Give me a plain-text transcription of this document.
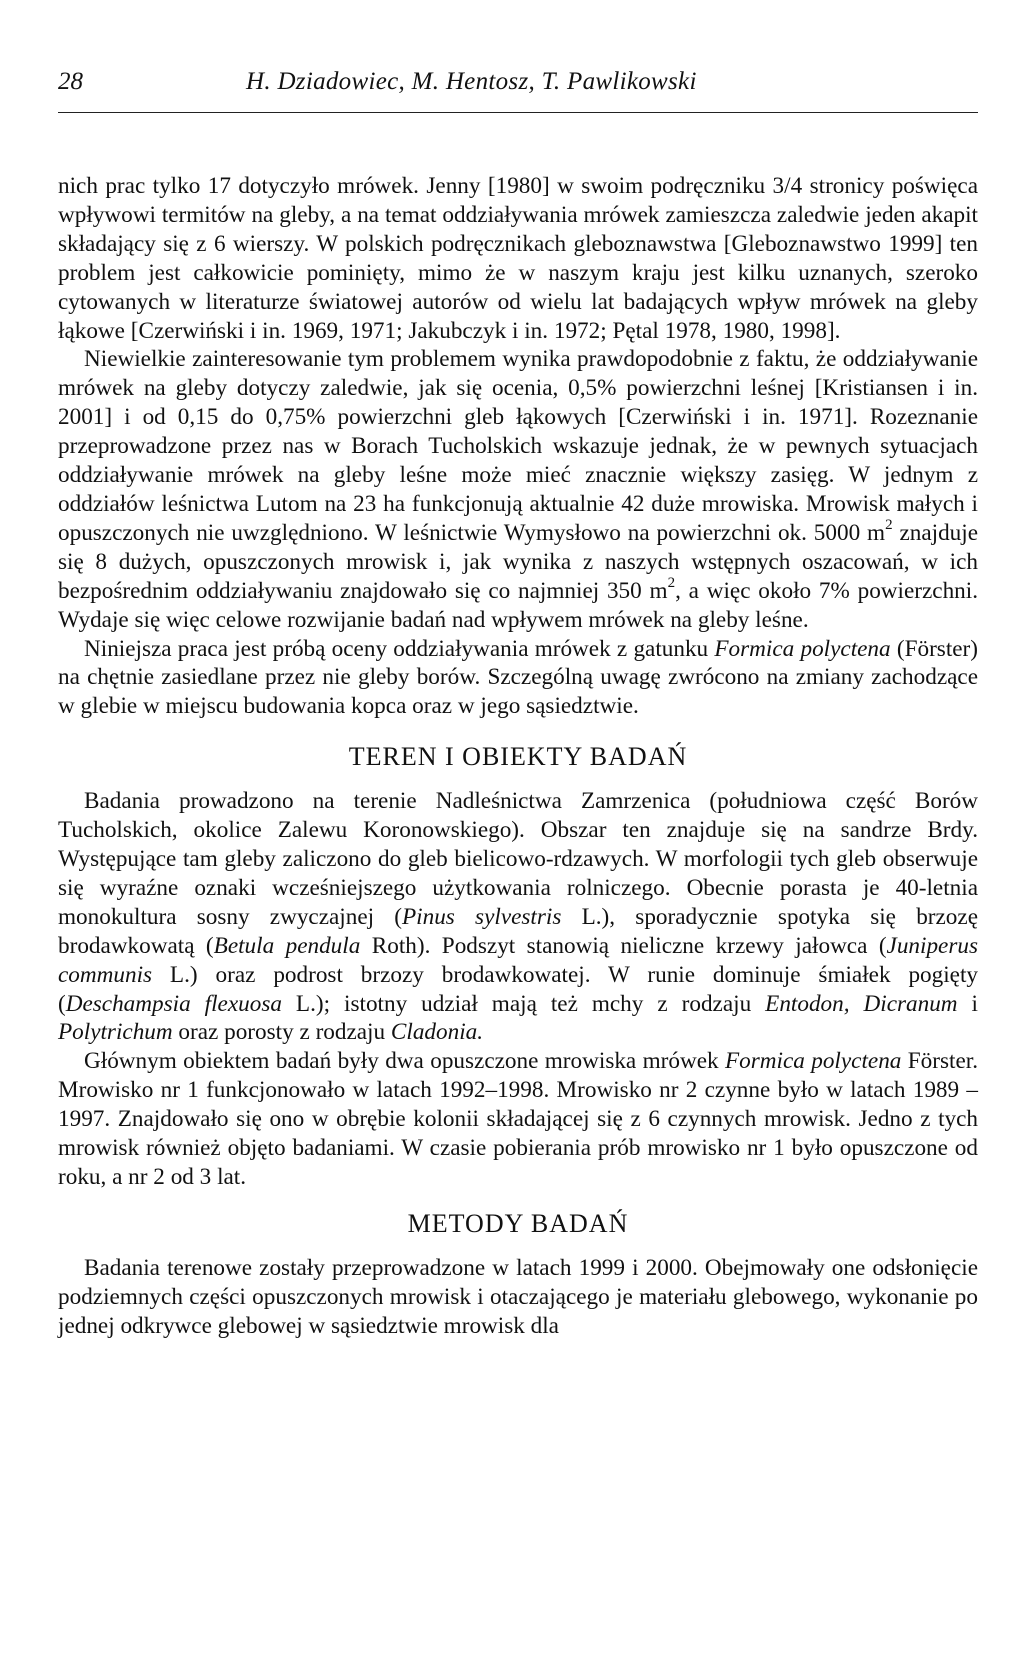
28	H. Dziadowiec, M. Hentosz, T. Pawlikowski

nich prac tylko 17 dotyczyło mrówek. Jenny [1980] w swoim podręczniku 3/4 stronicy poświęca wpływowi termitów na gleby, a na temat oddziaływania mrówek zamieszcza zaledwie jeden akapit składający się z 6 wierszy. W polskich podręcznikach gleboznawstwa [Gleboznawstwo 1999] ten problem jest całkowicie pominięty, mimo że w naszym kraju jest kilku uznanych, szeroko cytowanych w literaturze światowej autorów od wielu lat badających wpływ mrówek na gleby łąkowe [Czerwiński i in. 1969, 1971; Jakubczyk i in. 1972; Pętal 1978, 1980, 1998].

Niewielkie zainteresowanie tym problemem wynika prawdopodobnie z faktu, że oddziaływanie mrówek na gleby dotyczy zaledwie, jak się ocenia, 0,5% powierzchni leśnej [Kristiansen i in. 2001] i od 0,15 do 0,75% powierzchni gleb łąkowych [Czerwiński i in. 1971]. Rozeznanie przeprowadzone przez nas w Borach Tucholskich wskazuje jednak, że w pewnych sytuacjach oddziaływanie mrówek na gleby leśne może mieć znacznie większy zasięg. W jednym z oddziałów leśnictwa Lutom na 23 ha funkcjonują aktualnie 42 duże mrowiska. Mrowisk małych i opuszczonych nie uwzględniono. W leśnictwie Wymysłowo na powierzchni ok. 5000 $m^2$ znajduje się 8 dużych, opuszczonych mrowisk i, jak wynika z naszych wstępnych oszacowań, w ich bezpośrednim oddziaływaniu znajdowało się co najmniej 350 $m^2$, a więc około 7% powierzchni. Wydaje się więc celowe rozwijanie badań nad wpływem mrówek na gleby leśne.

Niniejsza praca jest próbą oceny oddziaływania mrówek z gatunku Formica polyctena (Förster) na chętnie zasiedlane przez nie gleby borów. Szczególną uwagę zwrócono na zmiany zachodzące w glebie w miejscu budowania kopca oraz w jego sąsiedztwie.

TEREN I OBIEKTY BADAŃ

Badania prowadzono na terenie Nadleśnictwa Zamrzenica (południowa część Borów Tucholskich, okolice Zalewu Koronowskiego). Obszar ten znajduje się na sandrze Brdy. Występujące tam gleby zaliczono do gleb bielicowo-rdzawych. W morfologii tych gleb obserwuje się wyraźne oznaki wcześniejszego użytkowania rolniczego. Obecnie porasta je 40-letnia monokultura sosny zwyczajnej (Pinus sylvestris L.), sporadycznie spotyka się brzozę brodawkowatą (Betula pendula Roth). Podszyt stanowią nieliczne krzewy jałowca (Juniperus communis L.) oraz podrost brzozy brodawkowatej. W runie dominuje śmiałek pogięty (Deschampsia flexuosa L.); istotny udział mają też mchy z rodzaju Entodon, Dicranum i Polytrichum oraz porosty z rodzaju Cladonia.

Głównym obiektem badań były dwa opuszczone mrowiska mrówek Formica polyctena Förster. Mrowisko nr 1 funkcjonowało w latach 1992–1998. Mrowisko nr 2 czynne było w latach 1989 –1997. Znajdowało się ono w obrębie kolonii składającej się z 6 czynnych mrowisk. Jedno z tych mrowisk również objęto badaniami. W czasie pobierania prób mrowisko nr 1 było opuszczone od roku, a nr 2 od 3 lat.

METODY BADAŃ

Badania terenowe zostały przeprowadzone w latach 1999 i 2000. Obejmowały one odsłonięcie podziemnych części opuszczonych mrowisk i otaczającego je materiału glebowego, wykonanie po jednej odkrywce glebowej w sąsiedztwie mrowisk dla
